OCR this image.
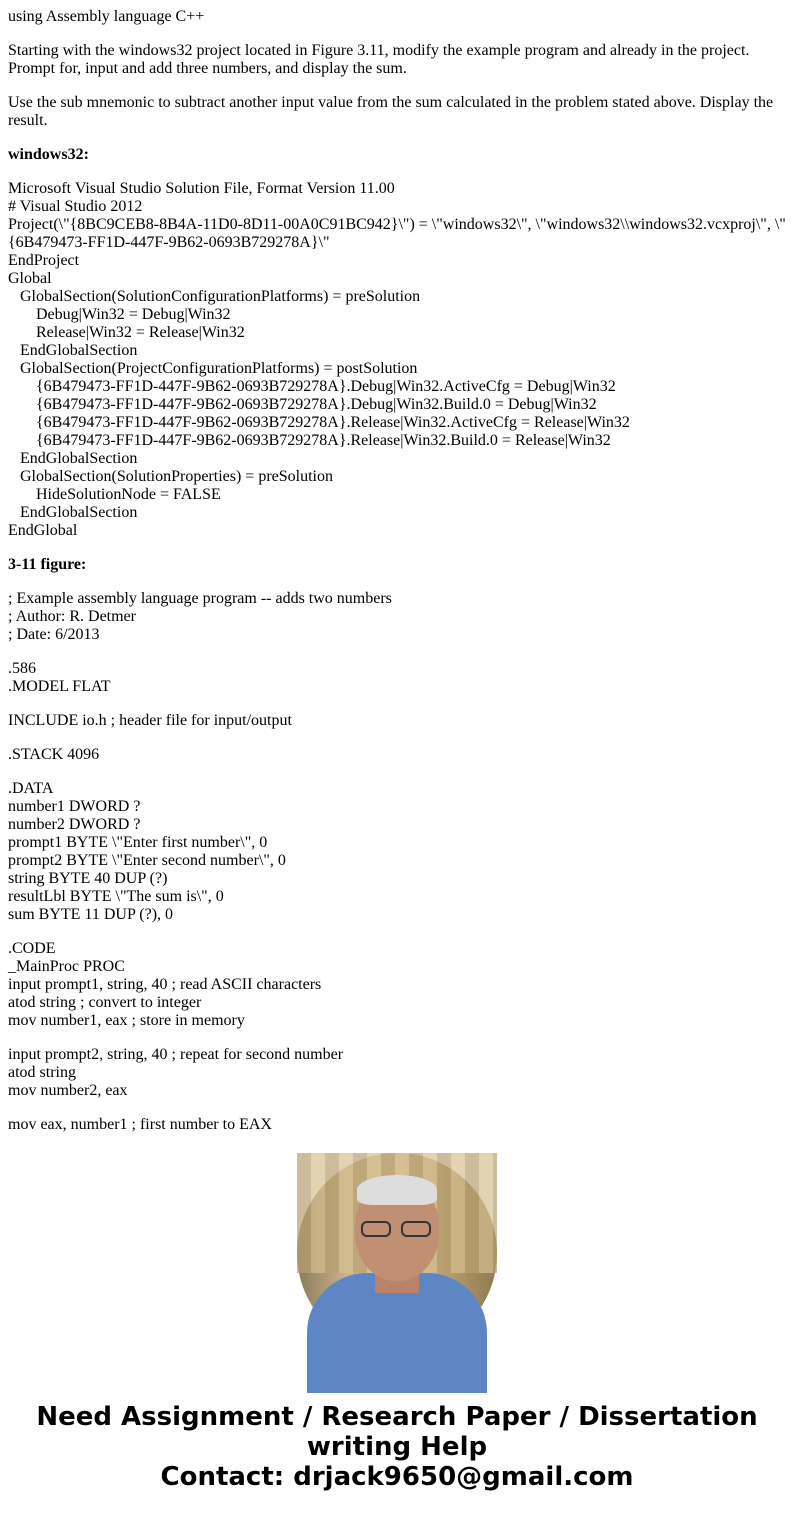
using Assembly language C++

Starting with the windows32 project located in Figure 3.11, modify the example program and already in the project. Prompt for, input and add three numbers, and display the sum.

Use the sub mnemonic to subtract another input value from the sum calculated in the problem stated above. Display the result.

windows32:

Microsoft Visual Studio Solution File, Format Version 11.00
# Visual Studio 2012
Project(\"{8BC9CEB8-8B4A-11D0-8D11-00A0C91BC942}\") = \"windows32\", \"windows32\\windows32.vcxproj\", \"{6B479473-FF1D-447F-9B62-0693B729278A}\"
EndProject
Global
GlobalSection(SolutionConfigurationPlatforms) = preSolution
Debug|Win32 = Debug|Win32
Release|Win32 = Release|Win32
EndGlobalSection
GlobalSection(ProjectConfigurationPlatforms) = postSolution
{6B479473-FF1D-447F-9B62-0693B729278A}.Debug|Win32.ActiveCfg = Debug|Win32
{6B479473-FF1D-447F-9B62-0693B729278A}.Debug|Win32.Build.0 = Debug|Win32
{6B479473-FF1D-447F-9B62-0693B729278A}.Release|Win32.ActiveCfg = Release|Win32
{6B479473-FF1D-447F-9B62-0693B729278A}.Release|Win32.Build.0 = Release|Win32
EndGlobalSection
GlobalSection(SolutionProperties) = preSolution
HideSolutionNode = FALSE
EndGlobalSection
EndGlobal

3-11 figure:

; Example assembly language program -- adds two numbers
; Author: R. Detmer
; Date: 6/2013

.586
.MODEL FLAT

INCLUDE io.h ; header file for input/output

.STACK 4096

.DATA
number1 DWORD ?
number2 DWORD ?
prompt1 BYTE \"Enter first number\", 0
prompt2 BYTE \"Enter second number\", 0
string BYTE 40 DUP (?)
resultLbl BYTE \"The sum is\", 0
sum BYTE 11 DUP (?), 0

.CODE
_MainProc PROC
input prompt1, string, 40 ; read ASCII characters
atod string ; convert to integer
mov number1, eax ; store in memory

input prompt2, string, 40 ; repeat for second number
atod string
mov number2, eax

mov eax, number1 ; first number to EAX

Need Assignment / Research Paper / Dissertation writing Help
Contact: drjack9650@gmail.com
